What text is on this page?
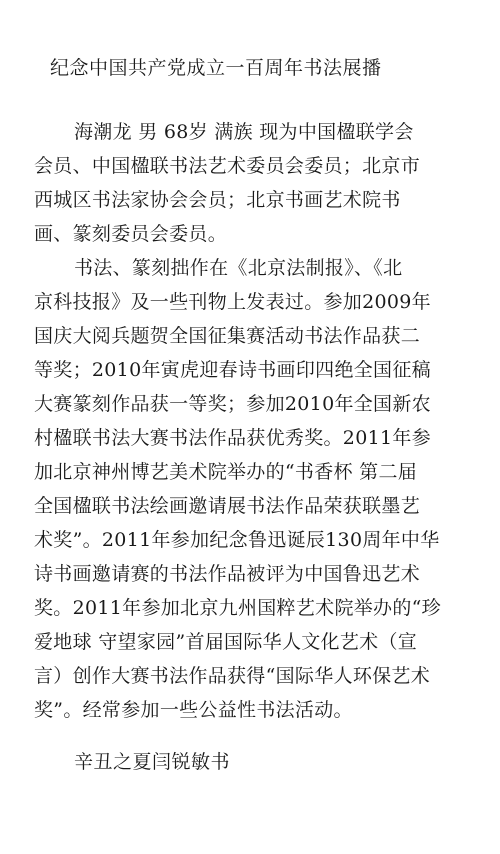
纪念中国共产党成立一百周年书法展播
海潮龙 男 68岁 满族 现为中国楹联学会
会员、中国楹联书法艺术委员会委员；北京市
西城区书法家协会会员；北京书画艺术院书
画、篆刻委员会委员。
书法、篆刻拙作在《北京法制报》、《北
京科技报》及一些刊物上发表过。参加2009年
国庆大阅兵题贺全国征集赛活动书法作品获二
等奖；2010年寅虎迎春诗书画印四绝全国征稿
大赛篆刻作品获一等奖；参加2010年全国新农
村楹联书法大赛书法作品获优秀奖。2011年参
加北京神州博艺美术院举办的“书香杯 第二届
全国楹联书法绘画邀请展书法作品荣获联墨艺
术奖”。2011年参加纪念鲁迅诞辰130周年中华
诗书画邀请赛的书法作品被评为中国鲁迅艺术
奖。2011年参加北京九州国粹艺术院举办的“珍
爱地球 守望家园”首届国际华人文化艺术（宣
言）创作大赛书法作品获得“国际华人环保艺术
奖”。经常参加一些公益性书法活动。
辛丑之夏闫锐敏书
